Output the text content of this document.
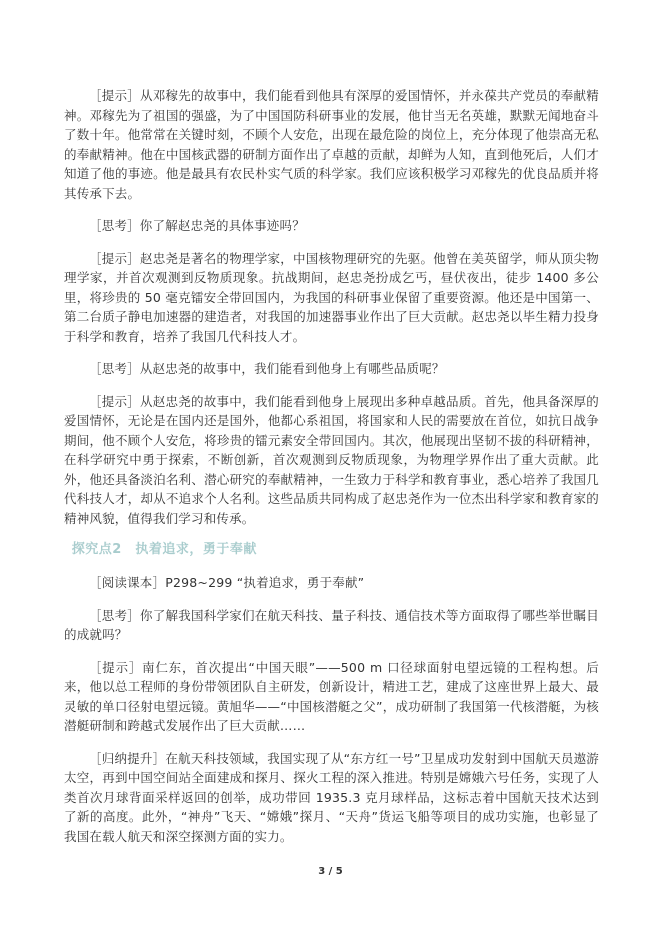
［提示］从邓稼先的故事中，我们能看到他具有深厚的爱国情怀，并永葆共产党员的奉献精神。邓稼先为了祖国的强盛，为了中国国防科研事业的发展，他甘当无名英雄，默默无闻地奋斗了数十年。他常常在关键时刻，不顾个人安危，出现在最危险的岗位上，充分体现了他崇高无私的奉献精神。他在中国核武器的研制方面作出了卓越的贡献，却鲜为人知，直到他死后，人们才知道了他的事迹。他是最具有农民朴实气质的科学家。我们应该积极学习邓稼先的优良品质并将其传承下去。

［思考］你了解赵忠尧的具体事迹吗？

［提示］赵忠尧是著名的物理学家，中国核物理研究的先驱。他曾在美英留学，师从顶尖物理学家，并首次观测到反物质现象。抗战期间，赵忠尧扮成乞丐，昼伏夜出，徒步 1400 多公里，将珍贵的 50 毫克镭安全带回国内，为我国的科研事业保留了重要资源。他还是中国第一、第二台质子静电加速器的建造者，对我国的加速器事业作出了巨大贡献。赵忠尧以毕生精力投身于科学和教育，培养了我国几代科技人才。

［思考］从赵忠尧的故事中，我们能看到他身上有哪些品质呢？

［提示］从赵忠尧的故事中，我们能看到他身上展现出多种卓越品质。首先，他具备深厚的爱国情怀，无论是在国内还是国外，他都心系祖国，将国家和人民的需要放在首位，如抗日战争期间，他不顾个人安危，将珍贵的镭元素安全带回国内。其次，他展现出坚韧不拔的科研精神，在科学研究中勇于探索，不断创新，首次观测到反物质现象，为物理学界作出了重大贡献。此外，他还具备淡泊名利、潜心研究的奉献精神，一生致力于科学和教育事业，悉心培养了我国几代科技人才，却从不追求个人名利。这些品质共同构成了赵忠尧作为一位杰出科学家和教育家的精神风貌，值得我们学习和传承。

探究点2　执着追求，勇于奉献

［阅读课本］P298~299 “执着追求，勇于奉献”

［思考］你了解我国科学家们在航天科技、量子科技、通信技术等方面取得了哪些举世瞩目的成就吗？

［提示］南仁东，首次提出“中国天眼”——500 m 口径球面射电望远镜的工程构想。后来，他以总工程师的身份带领团队自主研发，创新设计，精进工艺，建成了这座世界上最大、最灵敏的单口径射电望远镜。黄旭华——“中国核潜艇之父”，成功研制了我国第一代核潜艇，为核潜艇研制和跨越式发展作出了巨大贡献……

［归纳提升］在航天科技领域，我国实现了从“东方红一号”卫星成功发射到中国航天员遨游太空，再到中国空间站全面建成和探月、探火工程的深入推进。特别是嫦娥六号任务，实现了人类首次月球背面采样返回的创举，成功带回 1935.3 克月球样品，这标志着中国航天技术达到了新的高度。此外，“神舟”飞天、“嫦娥”探月、“天舟”货运飞船等项目的成功实施，也彰显了我国在载人航天和深空探测方面的实力。

3 / 5
